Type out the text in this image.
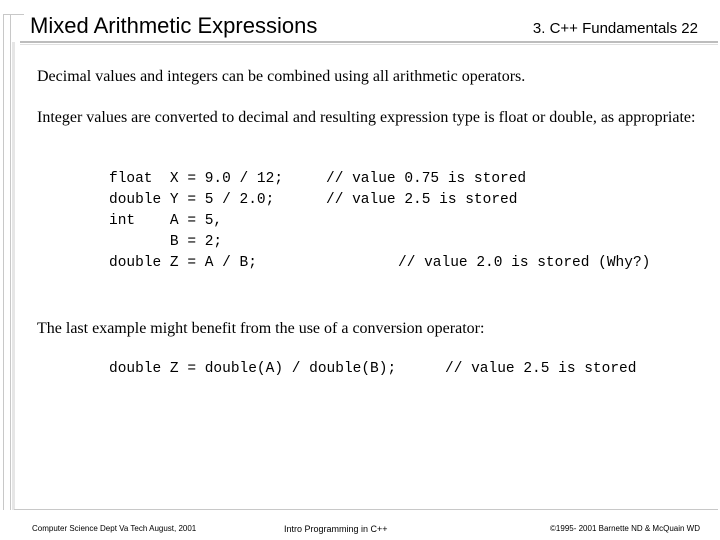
Mixed Arithmetic Expressions	3. C++ Fundamentals 22
Decimal values and integers can be combined using all arithmetic operators.
Integer values are converted to decimal and resulting expression type is float or double, as appropriate:
float  X = 9.0 / 12;	// value 0.75 is stored
double Y = 5 / 2.0;	// value 2.5 is stored
int    A = 5,
B = 2;
double Z = A / B;	// value 2.0 is stored (Why?)
The last example might benefit from the use of a conversion operator:
double Z = double(A) / double(B);	// value 2.5 is stored
Computer Science Dept Va Tech August, 2001	Intro Programming in C++	©1995- 2001 Barnette ND & McQuain WD
